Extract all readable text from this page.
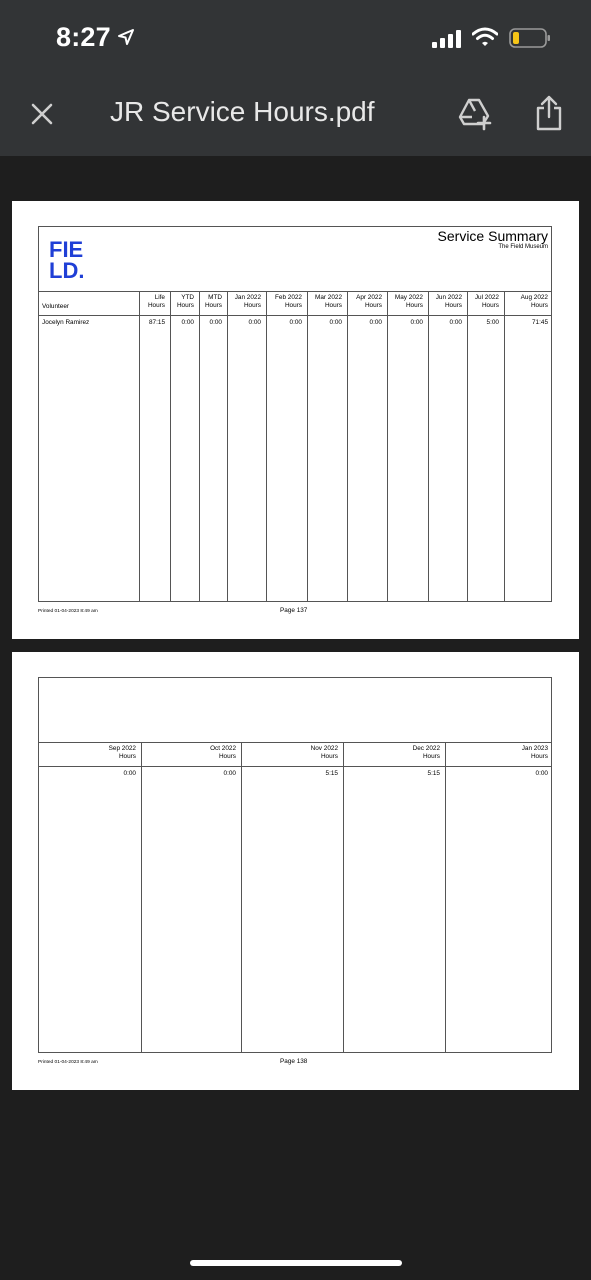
8:27
JR Service Hours.pdf
FIE
LD.
Service Summary
The Field Museum
Volunteer
Jocelyn Ramirez
Life
Hours
87:15
YTD
Hours
0:00
MTD
Hours
0:00
Jan 2022
Hours
0:00
Feb 2022
Hours
0:00
Mar 2022
Hours
0:00
Apr 2022
Hours
0:00
May 2022
Hours
0:00
Jun 2022
Hours
0:00
Jul 2022
Hours
5:00
Aug 2022
Hours
71:45
Printed 01-04-2023 8:49 am	Page 137
Sep 2022
Hours
0:00
Oct 2022
Hours
0:00
Nov 2022
Hours
5:15
Dec 2022
Hours
5:15
Jan 2023
Hours
0:00
Printed 01-04-2023 8:49 am	Page 138
